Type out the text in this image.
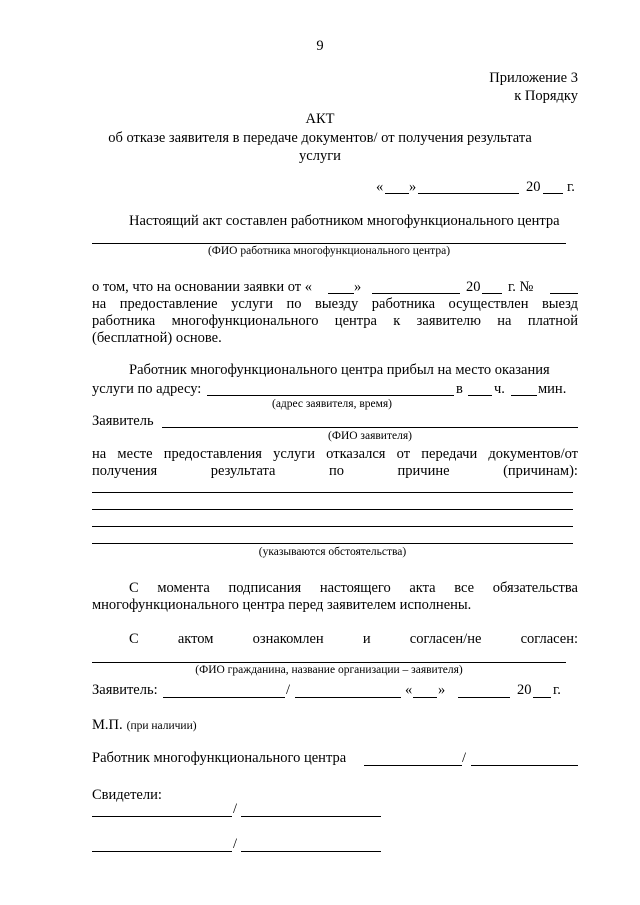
9
Приложение 3
к Порядку
АКТ
об отказе заявителя в передаче документов/ от получения результата
услуги
« »	20 г.
Настоящий акт составлен работником многофункционального центра
(ФИО работника многофункционального центра)
о том, что на основании заявки от «	»	20 г. №
на предоставление услуги по выезду работника осуществлен выезд
работника многофункционального центра к заявителю на платной
(бесплатной) основе.
Работник многофункционального центра прибыл на место оказания
услуги по адресу:	в ч. мин.
(адрес заявителя, время)
Заявитель
(ФИО заявителя)
на месте предоставления услуги отказался от передачи документов/от
получения	результата	по	причине	(причинам):
(указываются обстоятельства)
С момента подписания настоящего акта все обязательства
многофункционального центра перед заявителем исполнены.
С	актом	ознакомлен	и	согласен/не	согласен:
(ФИО гражданина, название организации – заявителя)
Заявитель:	/	« »	20 г.
М.П. (при наличии)
Работник многофункционального центра	/
Свидетели:
/
/
